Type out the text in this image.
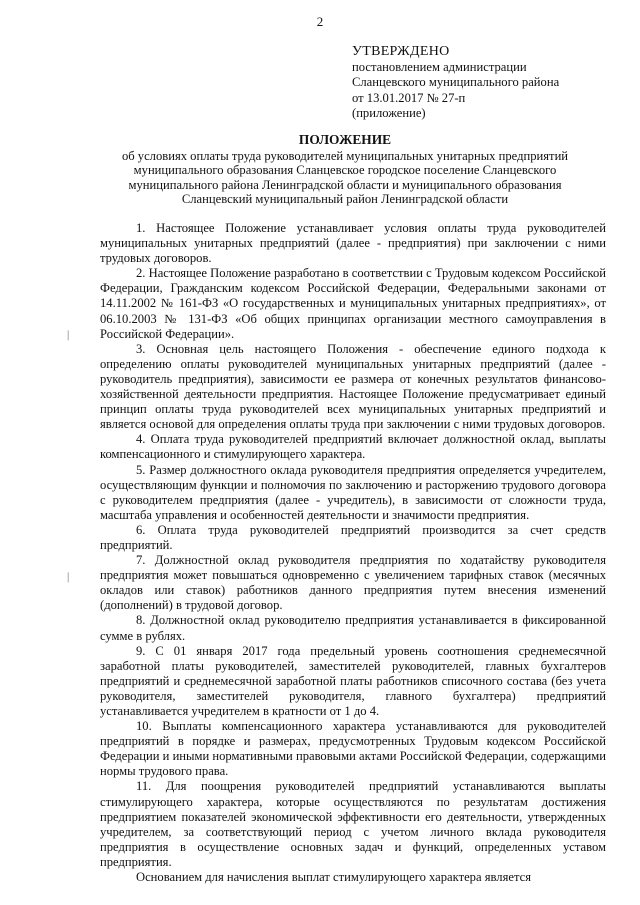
2
УТВЕРЖДЕНО
постановлением администрации
Сланцевского муниципального района
от 13.01.2017 № 27-п
(приложение)
ПОЛОЖЕНИЕ
об условиях оплаты труда руководителей муниципальных унитарных предприятий муниципального образования Сланцевское городское поселение Сланцевского муниципального района Ленинградской области и муниципального образования Сланцевский муниципальный район Ленинградской области

1. Настоящее Положение устанавливает условия оплаты труда руководителей муниципальных унитарных предприятий (далее - предприятия) при заключении с ними трудовых договоров.

2. Настоящее Положение разработано в соответствии с Трудовым кодексом Российской Федерации, Гражданским кодексом Российской Федерации, Федеральными законами от 14.11.2002 № 161-ФЗ «О государственных и муниципальных унитарных предприятиях», от 06.10.2003 № 131-ФЗ «Об общих принципах организации местного самоуправления в Российской Федерации».

3. Основная цель настоящего Положения - обеспечение единого подхода к определению оплаты руководителей муниципальных унитарных предприятий (далее - руководитель предприятия), зависимости ее размера от конечных результатов финансово-хозяйственной деятельности предприятия. Настоящее Положение предусматривает единый принцип оплаты труда руководителей всех муниципальных унитарных предприятий и является основой для определения оплаты труда при заключении с ними трудовых договоров.

4. Оплата труда руководителей предприятий включает должностной оклад, выплаты компенсационного и стимулирующего характера.

5. Размер должностного оклада руководителя предприятия определяется учредителем, осуществляющим функции и полномочия по заключению и расторжению трудового договора с руководителем предприятия (далее - учредитель), в зависимости от сложности труда, масштаба управления и особенностей деятельности и значимости предприятия.

6. Оплата труда руководителей предприятий производится за счет средств предприятий.

7. Должностной оклад руководителя предприятия по ходатайству руководителя предприятия может повышаться одновременно с увеличением тарифных ставок (месячных окладов или ставок) работников данного предприятия путем внесения изменений (дополнений) в трудовой договор.

8. Должностной оклад руководителю предприятия устанавливается в фиксированной сумме в рублях.

9. С 01 января 2017 года предельный уровень соотношения среднемесячной заработной платы руководителей, заместителей руководителей, главных бухгалтеров предприятий и среднемесячной заработной платы работников списочного состава (без учета руководителя, заместителей руководителя, главного бухгалтера) предприятий устанавливается учредителем в кратности от 1 до 4.

10. Выплаты компенсационного характера устанавливаются для руководителей предприятий в порядке и размерах, предусмотренных Трудовым кодексом Российской Федерации и иными нормативными правовыми актами Российской Федерации, содержащими нормы трудового права.

11. Для поощрения руководителей предприятий устанавливаются выплаты стимулирующего характера, которые осуществляются по результатам достижения предприятием показателей экономической эффективности его деятельности, утвержденных учредителем, за соответствующий период с учетом личного вклада руководителя предприятия в осуществление основных задач и функций, определенных уставом предприятия.

Основанием для начисления выплат стимулирующего характера является

❘
❘
